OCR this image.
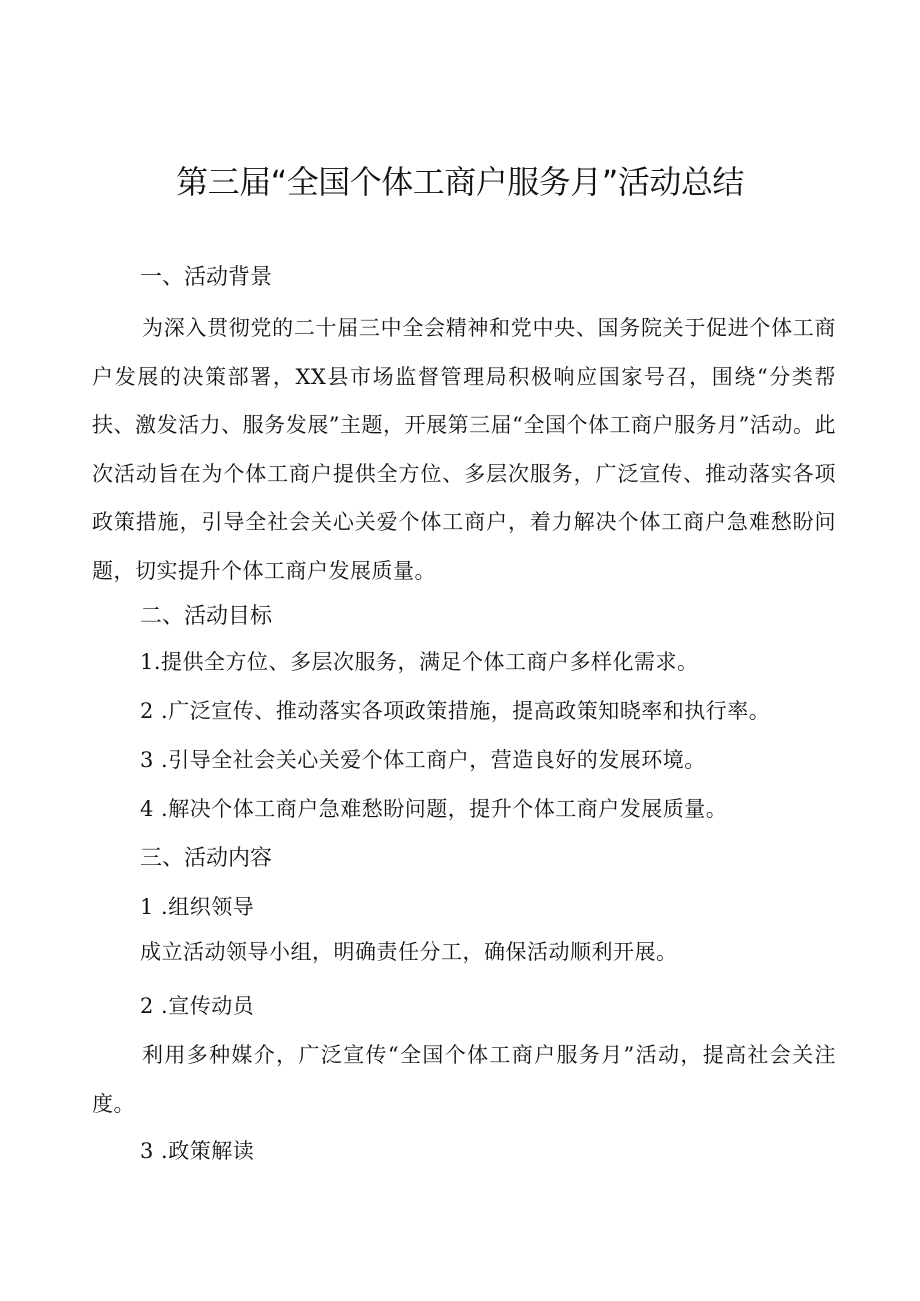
第三届“全国个体工商户服务月”活动总结
一、活动背景

为深入贯彻党的二十届三中全会精神和党中央、国务院关于促进个体工商户发展的决策部署，XX县市场监督管理局积极响应国家号召，围绕“分类帮扶、激发活力、服务发展”主题，开展第三届“全国个体工商户服务月”活动。此次活动旨在为个体工商户提供全方位、多层次服务，广泛宣传、推动落实各项政策措施，引导全社会关心关爱个体工商户，着力解决个体工商户急难愁盼问题，切实提升个体工商户发展质量。

二、活动目标

1.提供全方位、多层次服务，满足个体工商户多样化需求。

2 .广泛宣传、推动落实各项政策措施，提高政策知晓率和执行率。

3 .引导全社会关心关爱个体工商户，营造良好的发展环境。

4 .解决个体工商户急难愁盼问题，提升个体工商户发展质量。

三、活动内容

1 .组织领导

成立活动领导小组，明确责任分工，确保活动顺利开展。

2 .宣传动员

利用多种媒介，广泛宣传“全国个体工商户服务月”活动，提高社会关注度。

3 .政策解读
